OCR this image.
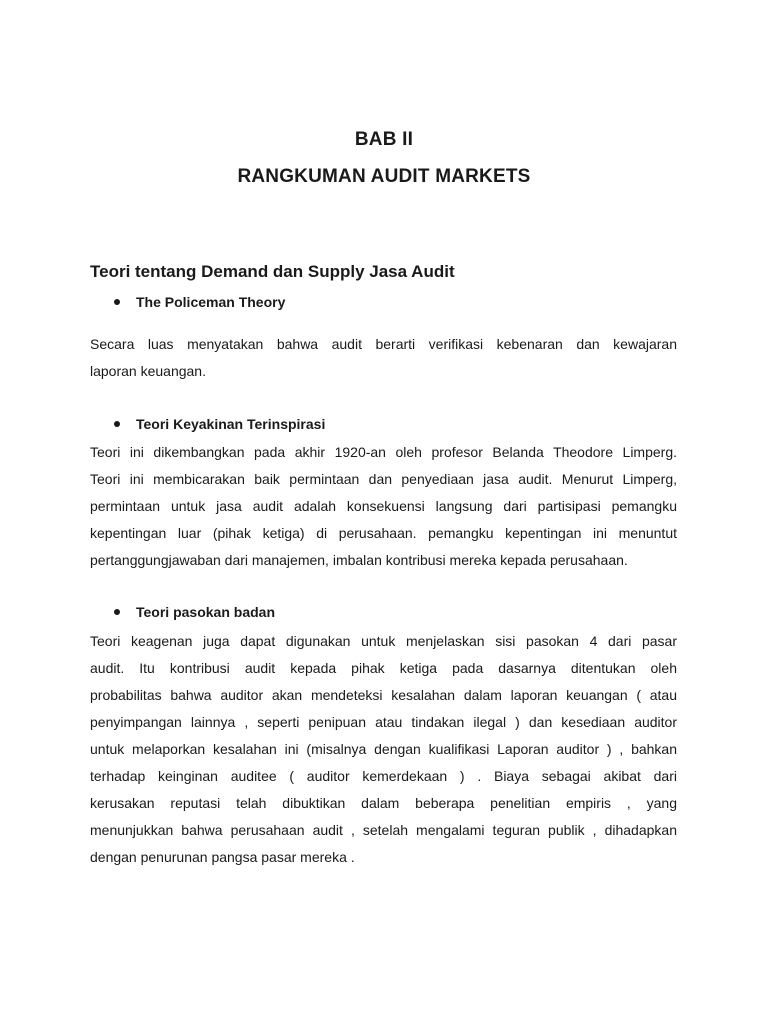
BAB II
RANGKUMAN AUDIT MARKETS
Teori tentang Demand dan Supply Jasa Audit
The Policeman Theory
Secara luas menyatakan bahwa audit berarti verifikasi kebenaran dan kewajaran
laporan keuangan.
Teori Keyakinan Terinspirasi
Teori ini dikembangkan pada akhir 1920-an oleh profesor Belanda Theodore Limperg.
Teori ini membicarakan baik permintaan dan penyediaan jasa audit. Menurut Limperg,
permintaan untuk jasa audit adalah konsekuensi langsung dari partisipasi pemangku
kepentingan luar (pihak ketiga) di perusahaan. pemangku kepentingan ini menuntut
pertanggungjawaban dari manajemen, imbalan kontribusi mereka kepada perusahaan.
Teori pasokan badan
Teori keagenan juga dapat digunakan untuk menjelaskan sisi pasokan 4 dari pasar
audit. Itu kontribusi audit kepada pihak ketiga pada dasarnya ditentukan oleh
probabilitas bahwa auditor akan mendeteksi kesalahan dalam laporan keuangan ( atau
penyimpangan lainnya , seperti penipuan atau tindakan ilegal ) dan kesediaan auditor
untuk melaporkan kesalahan ini (misalnya dengan kualifikasi Laporan auditor ) , bahkan
terhadap keinginan auditee ( auditor kemerdekaan ) . Biaya sebagai akibat dari
kerusakan reputasi telah dibuktikan dalam beberapa penelitian empiris , yang
menunjukkan bahwa perusahaan audit , setelah mengalami teguran publik , dihadapkan
dengan penurunan pangsa pasar mereka .
